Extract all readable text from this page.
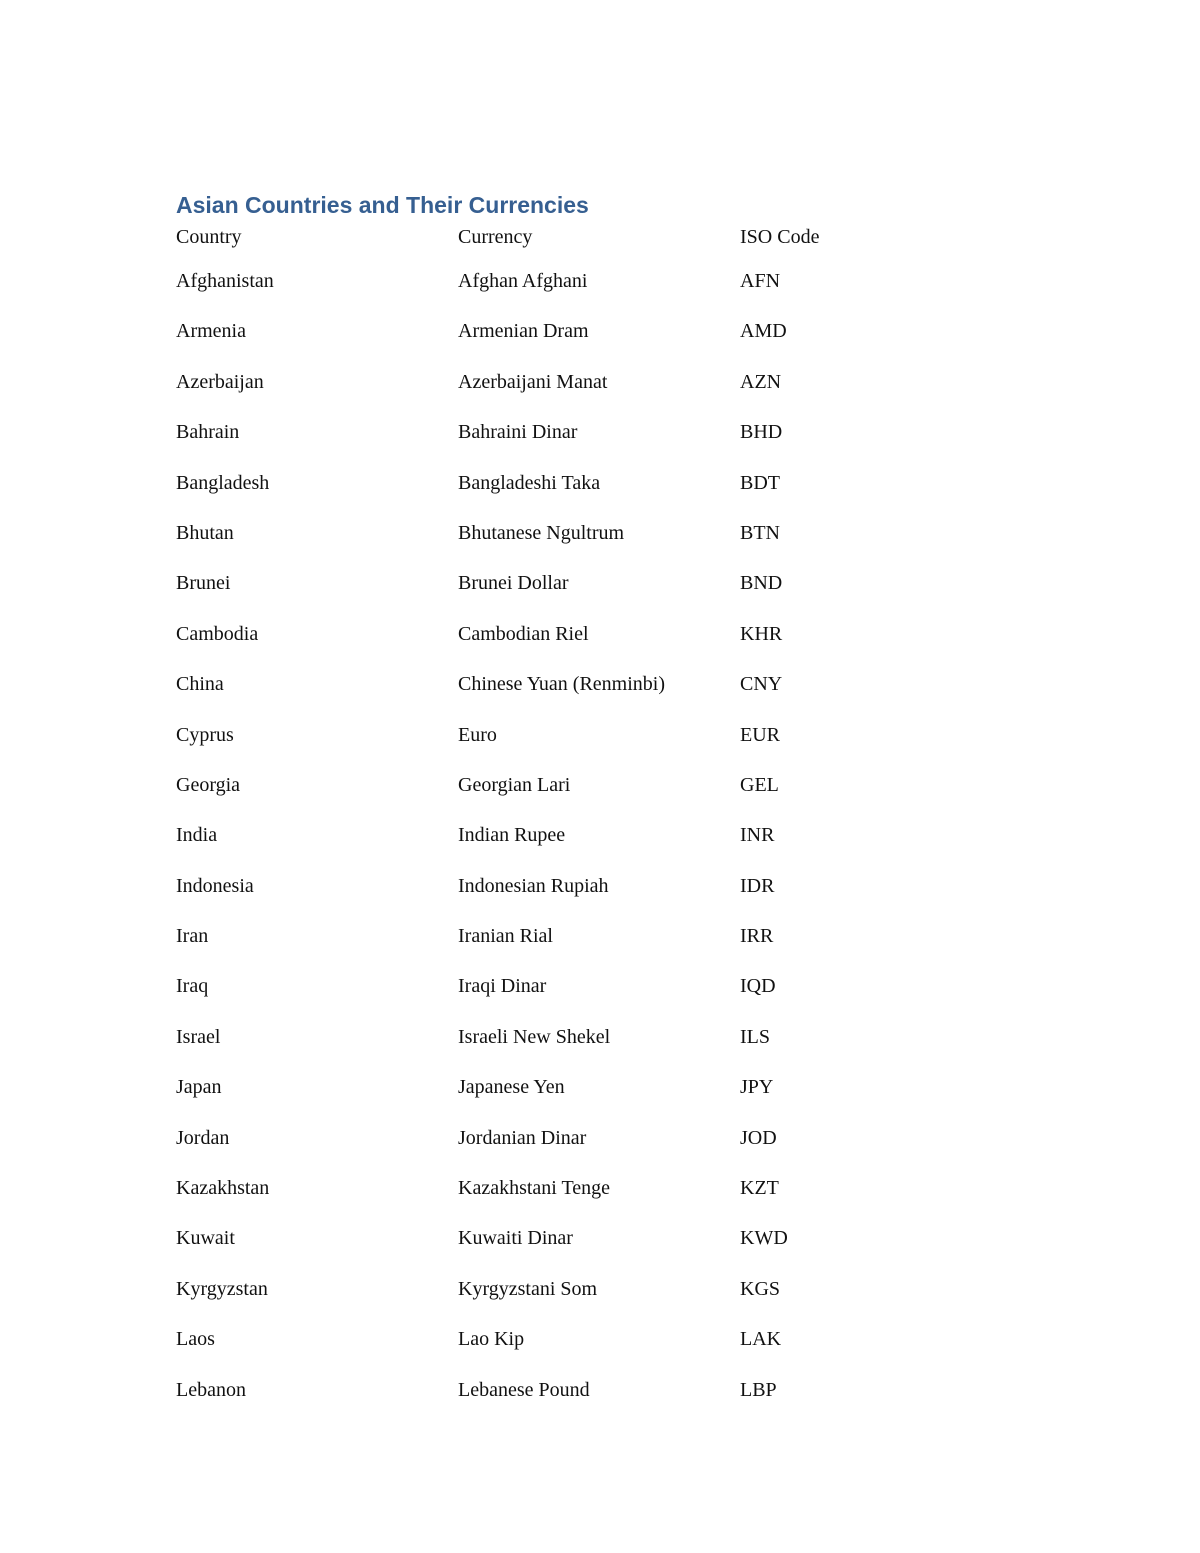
Asian Countries and Their Currencies
Country	Currency	ISO Code
Afghanistan	Afghan Afghani	AFN
Armenia	Armenian Dram	AMD
Azerbaijan	Azerbaijani Manat	AZN
Bahrain	Bahraini Dinar	BHD
Bangladesh	Bangladeshi Taka	BDT
Bhutan	Bhutanese Ngultrum	BTN
Brunei	Brunei Dollar	BND
Cambodia	Cambodian Riel	KHR
China	Chinese Yuan (Renminbi)	CNY
Cyprus	Euro	EUR
Georgia	Georgian Lari	GEL
India	Indian Rupee	INR
Indonesia	Indonesian Rupiah	IDR
Iran	Iranian Rial	IRR
Iraq	Iraqi Dinar	IQD
Israel	Israeli New Shekel	ILS
Japan	Japanese Yen	JPY
Jordan	Jordanian Dinar	JOD
Kazakhstan	Kazakhstani Tenge	KZT
Kuwait	Kuwaiti Dinar	KWD
Kyrgyzstan	Kyrgyzstani Som	KGS
Laos	Lao Kip	LAK
Lebanon	Lebanese Pound	LBP
